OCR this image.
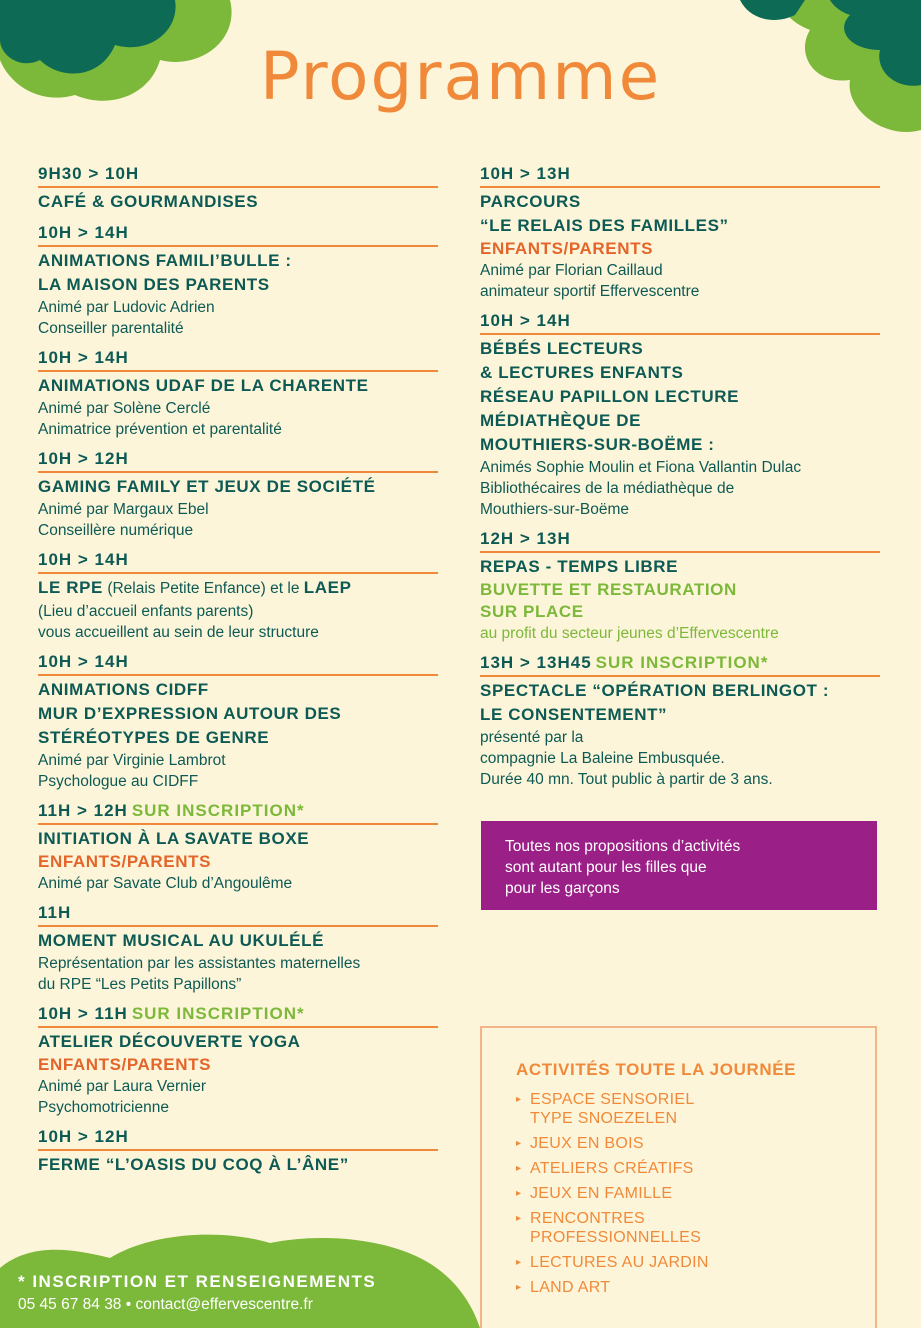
Programme
9H30 > 10H
CAFÉ & GOURMANDISES
10H > 14H
ANIMATIONS FAMILI’BULLE :
LA MAISON DES PARENTS
Animé par Ludovic Adrien
Conseiller parentalité
10H > 14H
ANIMATIONS UDAF DE LA CHARENTE
Animé par Solène Cerclé
Animatrice prévention et parentalité
10H > 12H
GAMING FAMILY ET JEUX DE SOCIÉTÉ
Animé par Margaux Ebel
Conseillère numérique
10H > 14H
LE RPE (Relais Petite Enfance) et le LAEP
(Lieu d’accueil enfants parents)
vous accueillent au sein de leur structure
10H > 14H
ANIMATIONS CIDFF
MUR D’EXPRESSION AUTOUR DES
STÉRÉOTYPES DE GENRE
Animé par Virginie Lambrot
Psychologue au CIDFF
11H > 12H SUR INSCRIPTION*
INITIATION À LA SAVATE BOXE
ENFANTS/PARENTS
Animé par Savate Club d’Angoulême
11H
MOMENT MUSICAL AU UKULÉLÉ
Représentation par les assistantes maternelles
du RPE “Les Petits Papillons”
10H > 11H SUR INSCRIPTION*
ATELIER DÉCOUVERTE YOGA
ENFANTS/PARENTS
Animé par Laura Vernier
Psychomotricienne
10H > 12H
FERME “L’OASIS DU COQ À L’ÂNE”
10H > 13H
PARCOURS
“LE RELAIS DES FAMILLES”
ENFANTS/PARENTS
Animé par Florian Caillaud
animateur sportif Effervescentre
10H > 14H
BÉBÉS LECTEURS
& LECTURES ENFANTS
RÉSEAU PAPILLON LECTURE
MÉDIATHÈQUE DE
MOUTHIERS-SUR-BOËME :
Animés Sophie Moulin et Fiona Vallantin Dulac
Bibliothécaires de la médiathèque de
Mouthiers-sur-Boëme
12H > 13H
REPAS - TEMPS LIBRE
BUVETTE ET RESTAURATION
SUR PLACE
au profit du secteur jeunes d’Effervescentre
13H > 13H45 SUR INSCRIPTION*
SPECTACLE “OPÉRATION BERLINGOT :
LE CONSENTEMENT”
présenté par la
compagnie La Baleine Embusquée.
Durée 40 mn. Tout public à partir de 3 ans.
Toutes nos propositions d’activités
sont autant pour les filles que
pour les garçons
ACTIVITÉS TOUTE LA JOURNÉE
▸ ESPACE SENSORIEL
TYPE SNOEZELEN
▸ JEUX EN BOIS
▸ ATELIERS CRÉATIFS
▸ JEUX EN FAMILLE
▸ RENCONTRES
PROFESSIONNELLES
▸ LECTURES AU JARDIN
▸ LAND ART
* INSCRIPTION ET RENSEIGNEMENTS
05 45 67 84 38 • contact@effervescentre.fr
